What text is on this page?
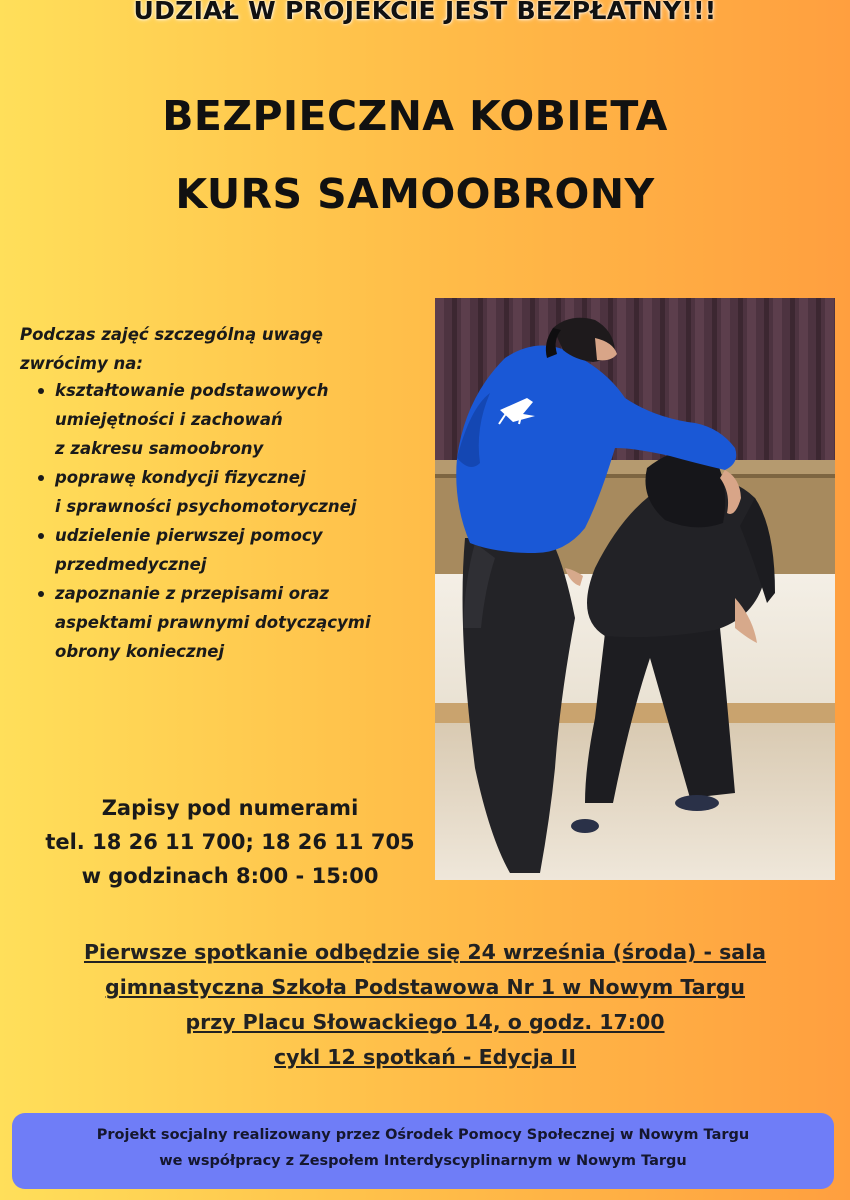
UDZIAŁ W PROJEKCIE JEST BEZPŁATNY!!!
BEZPIECZNA KOBIETA
KURS SAMOOBRONY
Podczas zajęć szczególną uwagę
zwrócimy na:
kształtowanie podstawowych
umiejętności i zachowań
z zakresu samoobrony
poprawę kondycji fizycznej
i sprawności psychomotorycznej
udzielenie pierwszej pomocy
przedmedycznej
zapoznanie z przepisami oraz
aspektami prawnymi dotyczącymi
obrony koniecznej
Zapisy pod numerami
tel. 18 26 11 700; 18 26 11 705
w godzinach 8:00 - 15:00
Pierwsze spotkanie odbędzie się 24 września (środa) - sala
gimnastyczna Szkoła Podstawowa Nr 1 w Nowym Targu
przy Placu Słowackiego 14, o godz. 17:00
cykl 12 spotkań - Edycja II
Projekt socjalny realizowany przez Ośrodek Pomocy Społecznej w Nowym Targu
we współpracy z Zespołem Interdyscyplinarnym w Nowym Targu
